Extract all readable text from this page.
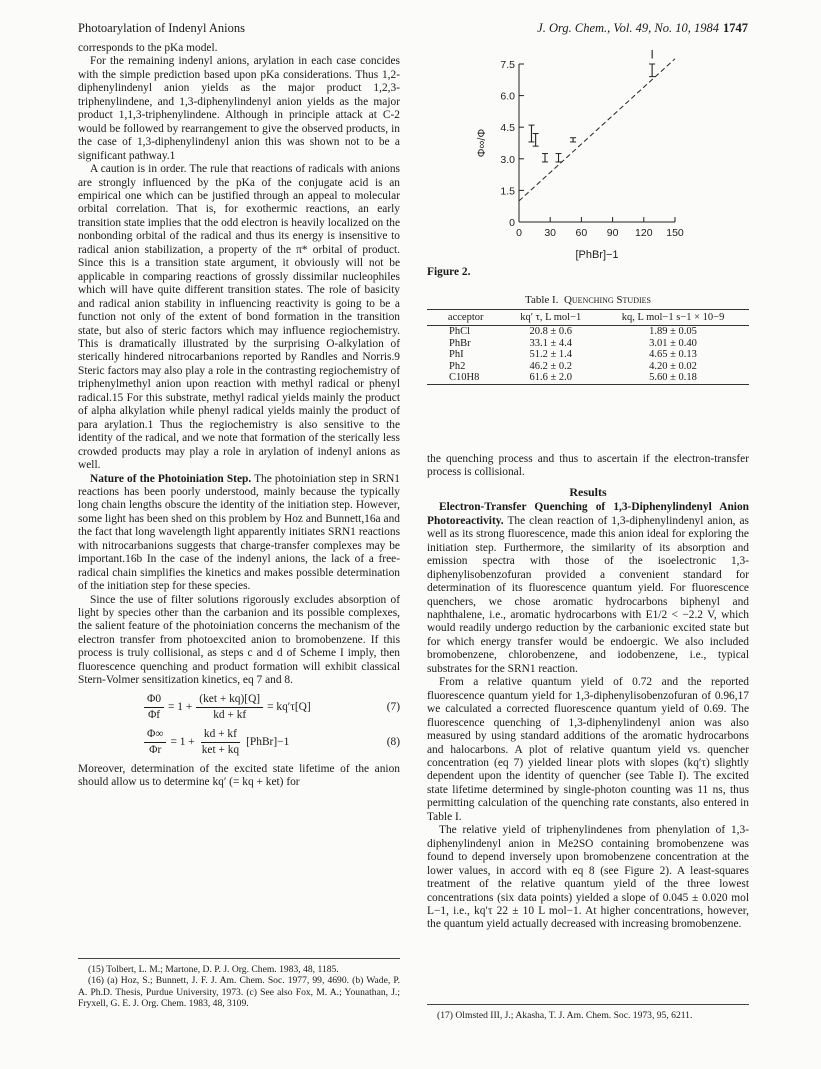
Photoarylation of Indenyl Anions	J. Org. Chem., Vol. 49, No. 10, 1984 1747

corresponds to the pKa model.

For the remaining indenyl anions, arylation in each case concides with the simple prediction based upon pKa considerations. Thus 1,2-diphenylindenyl anion yields as the major product 1,2,3-triphenylindene, and 1,3-diphenylindenyl anion yields as the major product 1,1,3-triphenylindene. Although in principle attack at C-2 would be followed by rearrangement to give the observed products, in the case of 1,3-diphenylindenyl anion this was shown not to be a significant pathway.1

A caution is in order. The rule that reactions of radicals with anions are strongly influenced by the pKa of the conjugate acid is an empirical one which can be justified through an appeal to molecular orbital correlation. That is, for exothermic reactions, an early transition state implies that the odd electron is heavily localized on the nonbonding orbital of the radical and thus its energy is insensitive to radical anion stabilization, a property of the π* orbital of product. Since this is a transition state argument, it obviously will not be applicable in comparing reactions of grossly dissimilar nucleophiles which will have quite different transition states. The role of basicity and radical anion stability in influencing reactivity is going to be a function not only of the extent of bond formation in the transition state, but also of steric factors which may influence regiochemistry. This is dramatically illustrated by the surprising O-alkylation of sterically hindered nitrocarbanions reported by Randles and Norris.9 Steric factors may also play a role in the contrasting regiochemistry of triphenylmethyl anion upon reaction with methyl radical or phenyl radical.15 For this substrate, methyl radical yields mainly the product of alpha alkylation while phenyl radical yields mainly the product of para arylation.1 Thus the regiochemistry is also sensitive to the identity of the radical, and we note that formation of the sterically less crowded products may play a role in arylation of indenyl anions as well.

Nature of the Photoiniation Step. The photoiniation step in SRN1 reactions has been poorly understood, mainly because the typically long chain lengths obscure the identity of the initiation step. However, some light has been shed on this problem by Hoz and Bunnett,16a and the fact that long wavelength light apparently initiates SRN1 reactions with nitrocarbanions suggests that charge-transfer complexes may be important.16b In the case of the indenyl anions, the lack of a free-radical chain simplifies the kinetics and makes possible determination of the initiation step for these species.

Since the use of filter solutions rigorously excludes absorption of light by species other than the carbanion and its possible complexes, the salient feature of the photoiniation concerns the mechanism of the electron transfer from photoexcited anion to bromobenzene. If this process is truly collisional, as steps c and d of Scheme I imply, then fluorescence quenching and product formation will exhibit classical Stern-Volmer sensitization kinetics, eq 7 and 8.

$\frac{\Phi 0}{\Phi f} = 1 + \frac{\text{(ket + kq)[Q]}}{kd + kf} = kq'\tau[Q]$	(7)
$\frac{\Phi\infty}{\Phi r} = 1 + \frac{kd + kf}{\text{ket + kq}}$ [PhBr]−1	(8)

Moreover, determination of the excited state lifetime of the anion should allow us to determine kq′ (= kq + ket) for

(15) Tolbert, L. M.; Martone, D. P. J. Org. Chem. 1983, 48, 1185.

(16) (a) Hoz, S.; Bunnett, J. F. J. Am. Chem. Soc. 1977, 99, 4690. (b) Wade, P. A. Ph.D. Thesis, Purdue University, 1973. (c) See also Fox, M. A.; Younathan, J.; Fryxell, G. E. J. Org. Chem. 1983, 48, 3109.

0
1.5
3.0
4.5
6.0
7.5
0 30 60 90 120 150
[PhBr]−1
Φ∞/Φ
I
Figure 2.
Table I. Quenching Studies
acceptor	kq′ τ, L mol−1	kq, L mol−1 s−1 × 10−9
PhCl	20.8 ± 0.6	1.89 ± 0.05
PhBr	33.1 ± 4.4	3.01 ± 0.40
PhI	51.2 ± 1.4	4.65 ± 0.13
Ph2	46.2 ± 0.2	4.20 ± 0.02
C10H8	61.6 ± 2.0	5.60 ± 0.18

the quenching process and thus to ascertain if the electron-transfer process is collisional.

Results

Electron-Transfer Quenching of 1,3-Diphenylindenyl Anion Photoreactivity. The clean reaction of 1,3-diphenylindenyl anion, as well as its strong fluorescence, made this anion ideal for exploring the initiation step. Furthermore, the similarity of its absorption and emission spectra with those of the isoelectronic 1,3-diphenylisobenzofuran provided a convenient standard for determination of its fluorescence quantum yield. For fluorescence quenchers, we chose aromatic hydrocarbons biphenyl and naphthalene, i.e., aromatic hydrocarbons with E1/2 < −2.2 V, which would readily undergo reduction by the carbanionic excited state but for which energy transfer would be endoergic. We also included bromobenzene, chlorobenzene, and iodobenzene, i.e., typical substrates for the SRN1 reaction.

From a relative quantum yield of 0.72 and the reported fluorescence quantum yield for 1,3-diphenylisobenzofuran of 0.96,17 we calculated a corrected fluorescence quantum yield of 0.69. The fluorescence quenching of 1,3-diphenylindenyl anion was also measured by using standard additions of the aromatic hydrocarbons and halocarbons. A plot of relative quantum yield vs. quencher concentration (eq 7) yielded linear plots with slopes (kq′τ) slightly dependent upon the identity of quencher (see Table I). The excited state lifetime determined by single-photon counting was 11 ns, thus permitting calculation of the quenching rate constants, also entered in Table I.

The relative yield of triphenylindenes from phenylation of 1,3-diphenylindenyl anion in Me2SO containing bromobenzene was found to depend inversely upon bromobenzene concentration at the lower values, in accord with eq 8 (see Figure 2). A least-squares treatment of the relative quantum yield of the three lowest concentrations (six data points) yielded a slope of 0.045 ± 0.020 mol L−1, i.e., kq′τ 22 ± 10 L mol−1. At higher concentrations, however, the quantum yield actually decreased with increasing bromobenzene.

(17) Olmsted III, J.; Akasha, T. J. Am. Chem. Soc. 1973, 95, 6211.
